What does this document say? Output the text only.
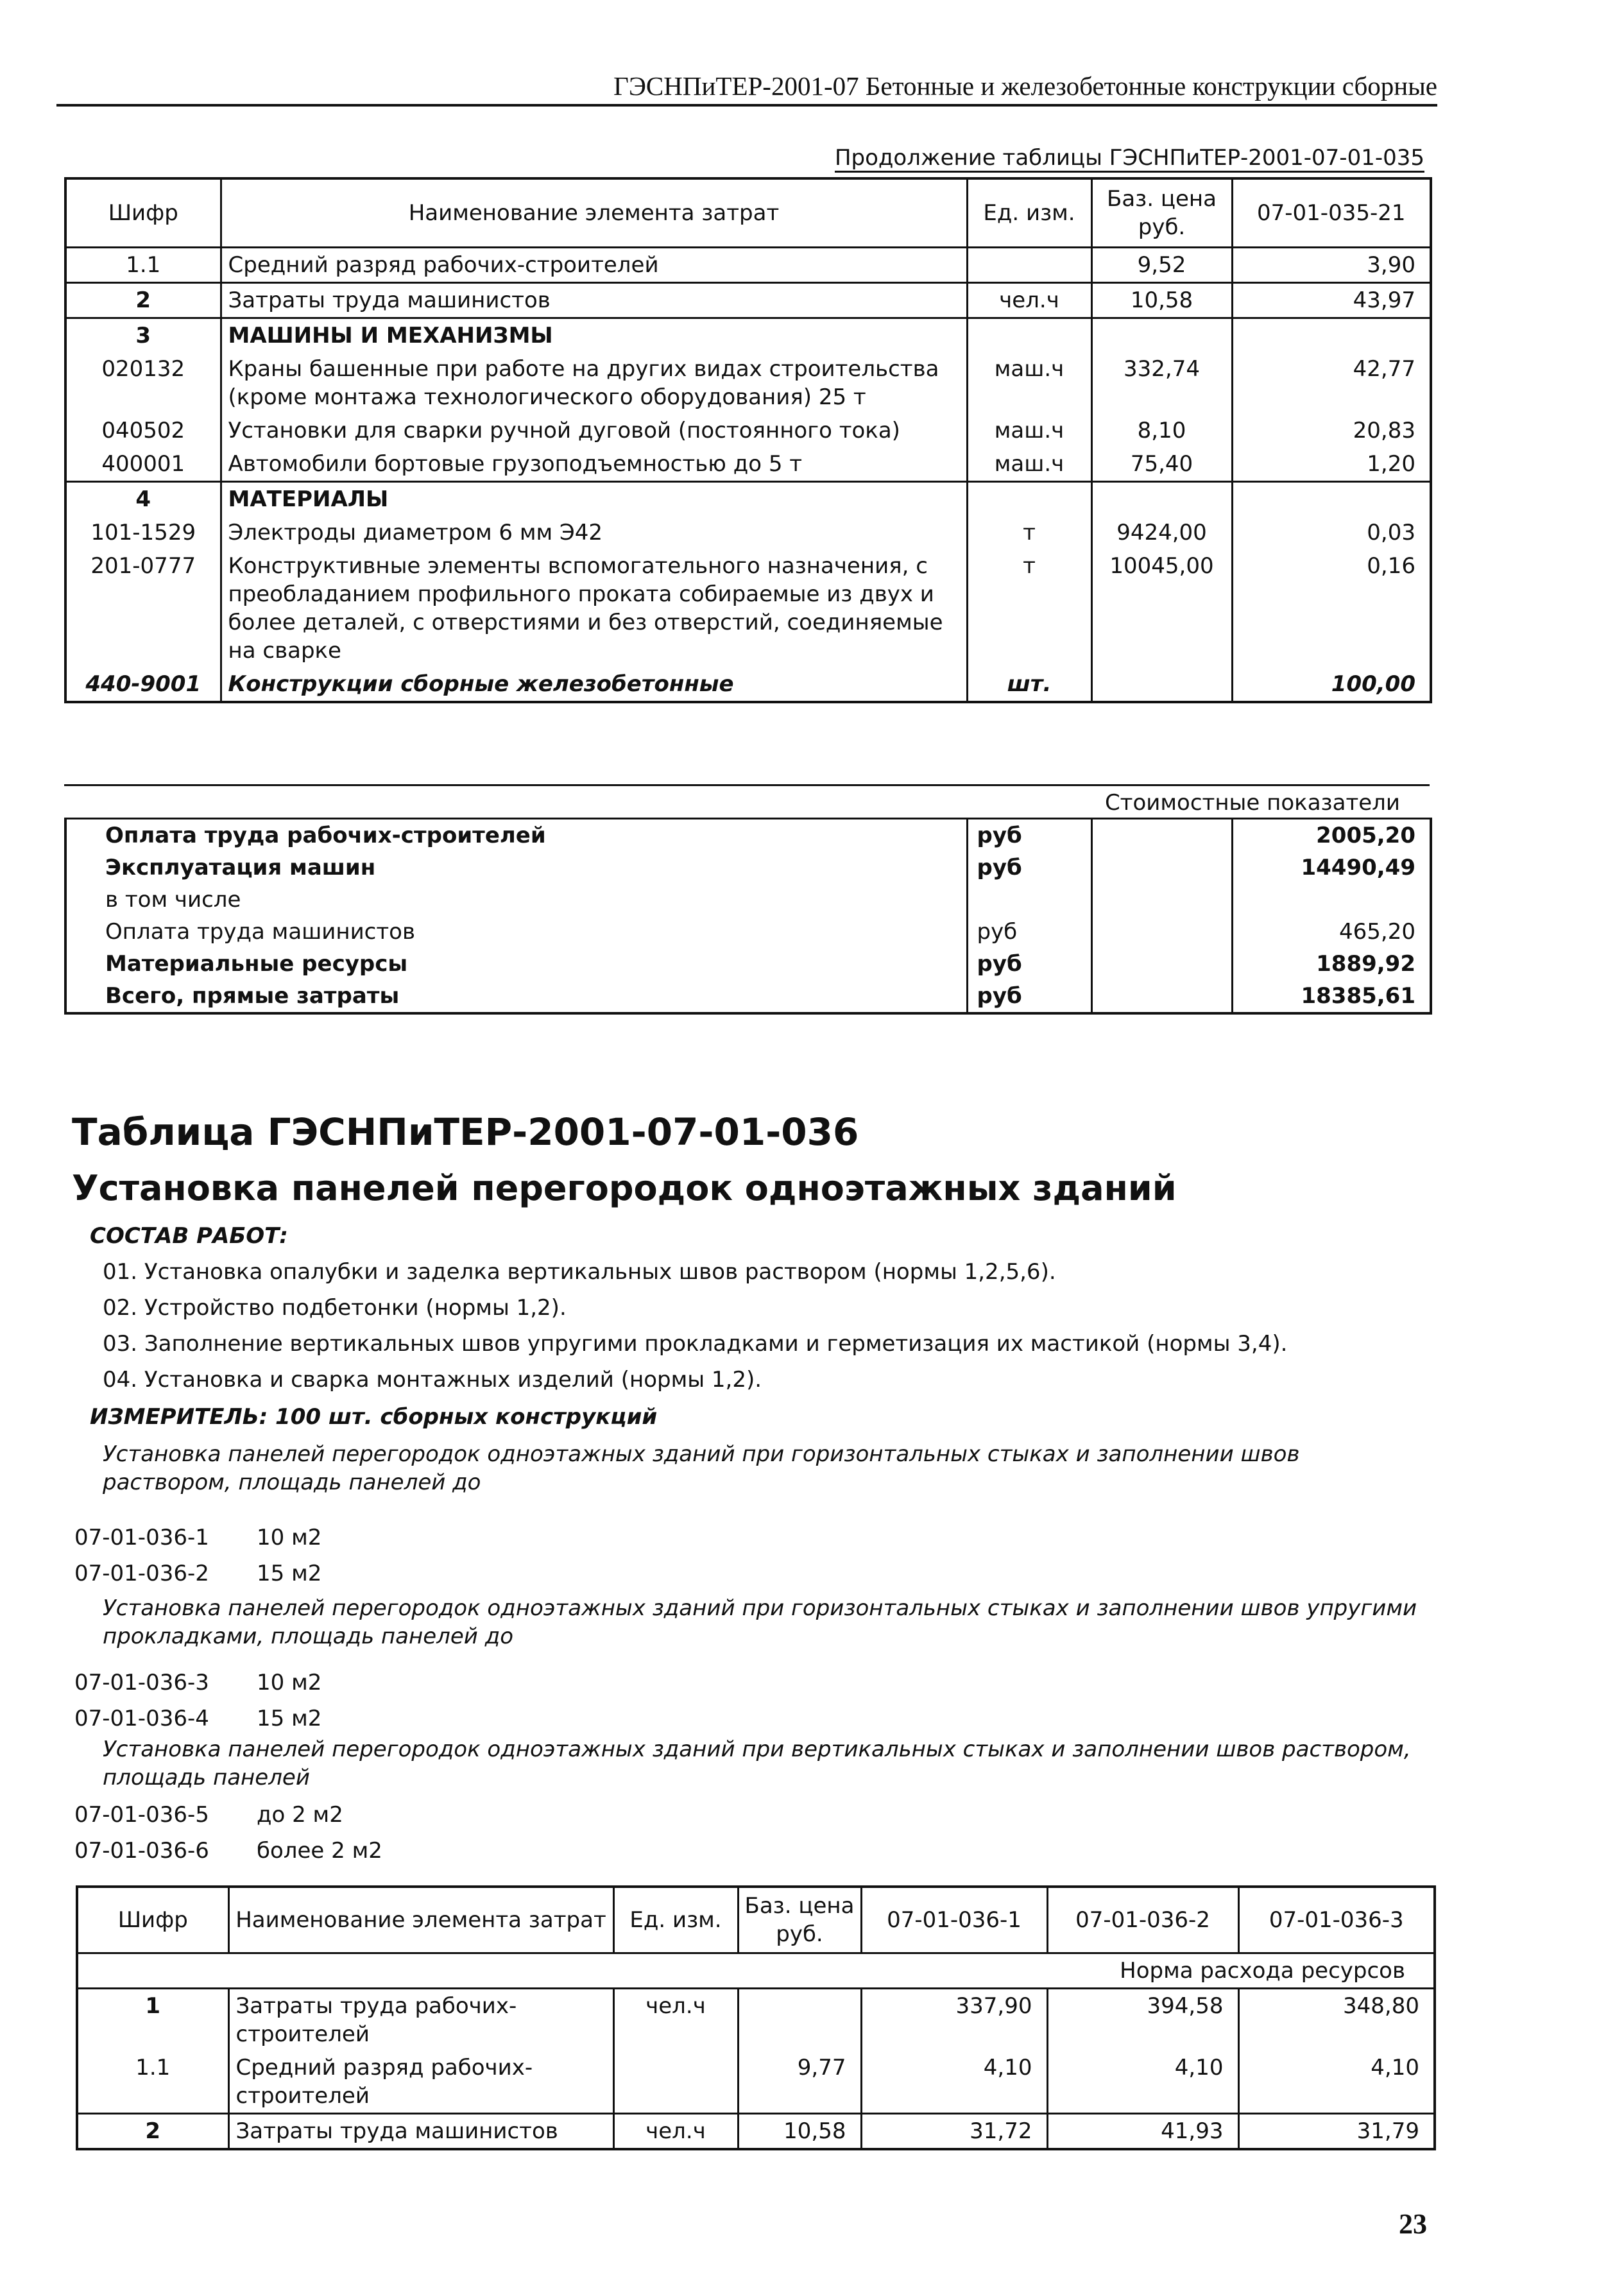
ГЭСНПиТЕР-2001-07 Бетонные и железобетонные конструкции сборные
Продолжение таблицы ГЭСНПиТЕР-2001-07-01-035
Шифр	Наименование элемента затрат	Ед. изм.	Баз. цена руб.	07-01-035-21
1.1	Средний разряд рабочих-строителей		9,52	3,90
2	Затраты труда машинистов	чел.ч	10,58	43,97
3	МАШИНЫ И МЕХАНИЗМЫ			
020132	Краны башенные при работе на других видах строительства (кроме монтажа технологического оборудования) 25 т	маш.ч	332,74	42,77
040502	Установки для сварки ручной дуговой (постоянного тока)	маш.ч	8,10	20,83
400001	Автомобили бортовые грузоподъемностью до 5 т	маш.ч	75,40	1,20
4	МАТЕРИАЛЫ			
101-1529	Электроды диаметром 6 мм Э42	т	9424,00	0,03
201-0777	Конструктивные элементы вспомогательного назначения, с преобладанием профильного проката собираемые из двух и более деталей, с отверстиями и без отверстий, соединяемые на сварке	т	10045,00	0,16
440-9001	Конструкции сборные железобетонные	шт.		100,00
Стоимостные показатели
Оплата труда рабочих-строителей	руб		2005,20
Эксплуатация машин	руб		14490,49
в том числе			
Оплата труда машинистов	руб		465,20
Материальные ресурсы	руб		1889,92
Всего, прямые затраты	руб		18385,61
Таблица ГЭСНПиТЕР-2001-07-01-036
Установка панелей перегородок одноэтажных зданий
СОСТАВ РАБОТ:
01. Установка опалубки и заделка вертикальных швов раствором (нормы 1,2,5,6).
02. Устройство подбетонки (нормы 1,2).
03. Заполнение вертикальных швов упругими прокладками и герметизация их мастикой (нормы 3,4).
04. Установка и сварка монтажных изделий (нормы 1,2).
ИЗМЕРИТЕЛЬ: 100 шт. сборных конструкций
Установка панелей перегородок одноэтажных зданий при горизонтальных стыках и заполнении швов раствором, площадь панелей до
07-01-036-1 10 м2
07-01-036-2 15 м2
Установка панелей перегородок одноэтажных зданий при горизонтальных стыках и заполнении швов упругими прокладками, площадь панелей до
07-01-036-3 10 м2
07-01-036-4 15 м2
Установка панелей перегородок одноэтажных зданий при вертикальных стыках и заполнении швов раствором, площадь панелей
07-01-036-5 до 2 м2
07-01-036-6 более 2 м2
Шифр	Наименование элемента затрат	Ед. изм.	Баз. цена руб.	07-01-036-1	07-01-036-2	07-01-036-3
Норма расхода ресурсов						
1	Затраты труда рабочих-строителей	чел.ч		337,90	394,58	348,80
1.1	Средний разряд рабочих-строителей		9,77	4,10	4,10	4,10
2	Затраты труда машинистов	чел.ч	10,58	31,72	41,93	31,79
23
